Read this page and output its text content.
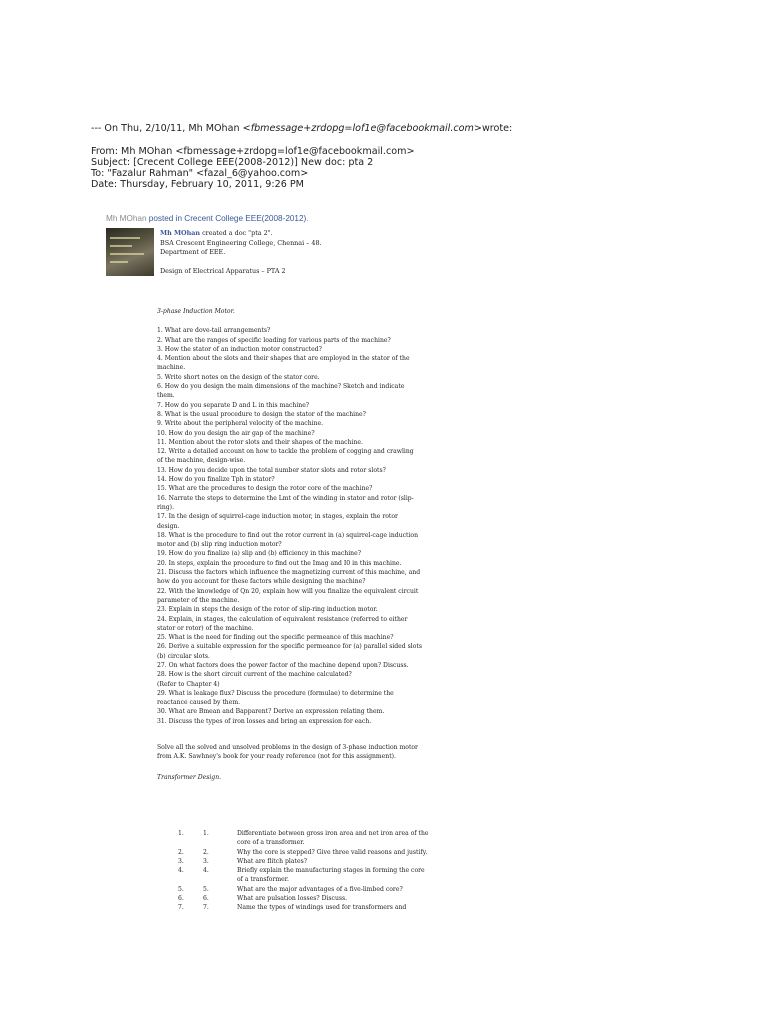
--- On Thu, 2/10/11, Mh MOhan <fbmessage+zrdopg=lof1e@facebookmail.com>wrote:

From: Mh MOhan <fbmessage+zrdopg=lof1e@facebookmail.com>

Subject: [Crecent College EEE(2008-2012)] New doc: pta 2

To: "Fazalur Rahman" <fazal_6@yahoo.com>

Date: Thursday, February 10, 2011, 9:26 PM

Mh MOhan posted in Crecent College EEE(2008-2012).

Mh MOhan created a doc "pta 2".

BSA Crescent Engineering College, Chennai – 48.

Department of EEE.

Design of Electrical Apparatus – PTA 2

3-phase Induction Motor.

1. What are dove-tail arrangements?
2. What are the ranges of specific loading for various parts of the machine?
3. How the stator of an induction motor constructed?
4. Mention about the slots and their shapes that are employed in the stator of the
machine.
5. Write short notes on the design of the stator core.
6. How do you design the main dimensions of the machine? Sketch and indicate
them.
7. How do you separate D and L in this machine?
8. What is the usual procedure to design the stator of the machine?
9. Write about the peripheral velocity of the machine.
10. How do you design the air gap of the machine?
11. Mention about the rotor slots and their shapes of the machine.
12. Write a detailed account on how to tackle the problem of cogging and crawling
of the machine, design-wise.
13. How do you decide upon the total number stator slots and rotor slots?
14. How do you finalize Tph in stator?
15. What are the procedures to design the rotor core of the machine?
16. Narrate the steps to determine the Lmt of the winding in stator and rotor (slip-
ring).
17. In the design of squirrel-cage induction motor, in stages, explain the rotor
design.
18. What is the procedure to find out the rotor current in (a) squirrel-cage induction
motor and (b) slip ring induction motor?
19. How do you finalize (a) slip and (b) efficiency in this machine?
20. In steps, explain the procedure to find out the Imag and I0 in this machine.
21. Discuss the factors which influence the magnetizing current of this machine, and
how do you account for these factors while designing the machine?
22. With the knowledge of Qn 20, explain how will you finalize the equivalent circuit
parameter of the machine.
23. Explain in steps the design of the rotor of slip-ring induction motor.
24. Explain, in stages, the calculation of equivalent resistance (referred to either
stator or rotor) of the machine.
25. What is the need for finding out the specific permeance of this machine?
26. Derive a suitable expression for the specific permeance for (a) parallel sided slots
(b) circular slots.
27. On what factors does the power factor of the machine depend upon? Discuss.
28. How is the short circuit current of the machine calculated?
(Refer to Chapter 4)
29. What is leakage flux? Discuss the procedure (formulae) to determine the
reactance caused by them.
30. What are Bmean and Bapparent? Derive an expression relating them.
31. Discuss the types of iron losses and bring an expression for each.

Solve all the solved and unsolved problems in the design of 3-phase induction motor
from A.K. Sawhney's book for your ready reference (not for this assignment).

Transformer Design.

1.	1.	Differentiate between gross iron area and net iron area of the
core of a transformer.
2.	2.	Why the core is stepped? Give three valid reasons and justify.
3.	3.	What are flitch plates?
4.	4.	Briefly explain the manufacturing stages in forming the core
of a transformer.
5.	5.	What are the major advantages of a five-limbed core?
6.	6.	What are pulsation losses? Discuss.
7.	7.	Name the types of windings used for transformers and
